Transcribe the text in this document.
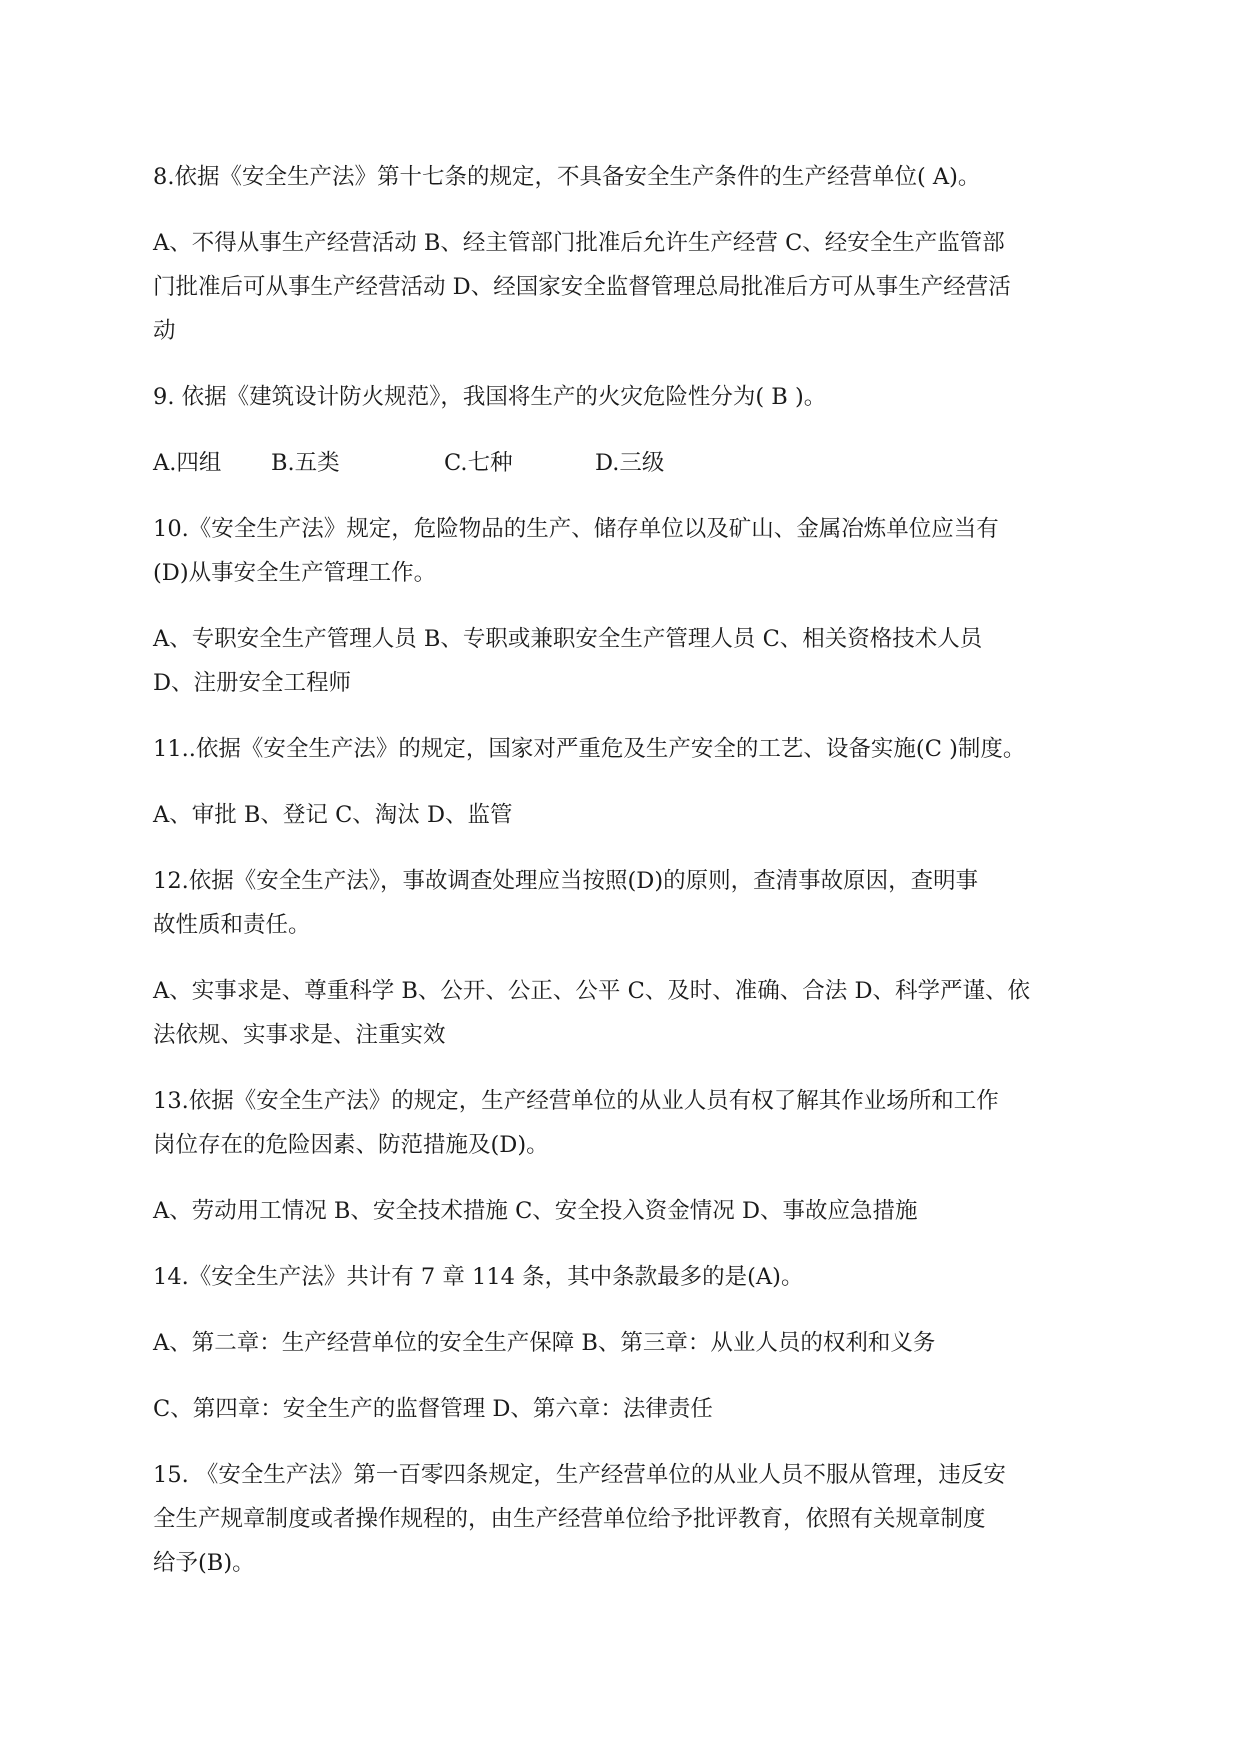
8.依据《安全生产法》第十七条的规定，不具备安全生产条件的生产经营单位( A)。

A、不得从事生产经营活动 B、经主管部门批准后允许生产经营 C、经安全生产监管部
门批准后可从事生产经营活动 D、经国家安全监督管理总局批准后方可从事生产经营活
动

9. 依据《建筑设计防火规范》，我国将生产的火灾危险性分为( B )。

A.四组 B.五类	C.七种	D.三级

10.《安全生产法》规定，危险物品的生产、储存单位以及矿山、金属冶炼单位应当有
(D)从事安全生产管理工作。

A、专职安全生产管理人员 B、专职或兼职安全生产管理人员 C、相关资格技术人员
D、注册安全工程师

11..依据《安全生产法》的规定，国家对严重危及生产安全的工艺、设备实施(C )制度。

A、审批 B、登记 C、淘汰 D、监管

12.依据《安全生产法》，事故调查处理应当按照(D)的原则，查清事故原因，查明事
故性质和责任。

A、实事求是、尊重科学 B、公开、公正、公平 C、及时、准确、合法 D、科学严谨、依
法依规、实事求是、注重实效

13.依据《安全生产法》的规定，生产经营单位的从业人员有权了解其作业场所和工作
岗位存在的危险因素、防范措施及(D)。

A、劳动用工情况 B、安全技术措施 C、安全投入资金情况 D、事故应急措施

14.《安全生产法》共计有 7 章 114 条，其中条款最多的是(A)。

A、第二章：生产经营单位的安全生产保障 B、第三章：从业人员的权利和义务

C、第四章：安全生产的监督管理 D、第六章：法律责任

15. 《安全生产法》第一百零四条规定，生产经营单位的从业人员不服从管理，违反安
全生产规章制度或者操作规程的，由生产经营单位给予批评教育，依照有关规章制度
给予(B)。
